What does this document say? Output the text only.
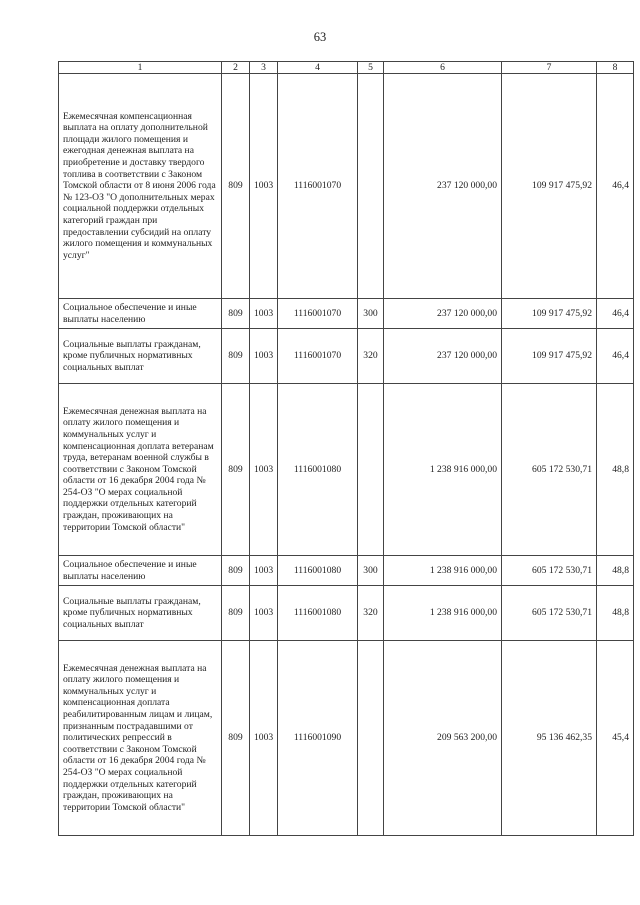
63
1	2	3	4	5	6	7	8
Ежемесячная компенсационная выплата на оплату дополнительной площади жилого помещения и ежегодная денежная выплата на приобретение и доставку твердого топлива в соответствии с Законом Томской области от 8 июня 2006 года № 123-ОЗ "О дополнительных мерах социальной поддержки отдельных категорий граждан при предоставлении субсидий на оплату жилого помещения и коммунальных услуг"	809	1003	1116001070		237 120 000,00	109 917 475,92	46,4
Социальное обеспечение и иные выплаты населению	809	1003	1116001070	300	237 120 000,00	109 917 475,92	46,4
Социальные выплаты гражданам, кроме публичных нормативных социальных выплат	809	1003	1116001070	320	237 120 000,00	109 917 475,92	46,4
Ежемесячная денежная выплата на оплату жилого помещения и коммунальных услуг и компенсационная доплата ветеранам труда, ветеранам военной службы в соответствии с Законом Томской области от 16 декабря 2004 года № 254-ОЗ "О мерах социальной поддержки отдельных категорий граждан, проживающих на территории Томской области"	809	1003	1116001080		1 238 916 000,00	605 172 530,71	48,8
Социальное обеспечение и иные выплаты населению	809	1003	1116001080	300	1 238 916 000,00	605 172 530,71	48,8
Социальные выплаты гражданам, кроме публичных нормативных социальных выплат	809	1003	1116001080	320	1 238 916 000,00	605 172 530,71	48,8
Ежемесячная денежная выплата на оплату жилого помещения и коммунальных услуг и компенсационная доплата реабилитированным лицам и лицам, признанным пострадавшими от политических репрессий в соответствии с Законом Томской области от 16 декабря 2004 года № 254-ОЗ "О мерах социальной поддержки отдельных категорий граждан, проживающих на территории Томской области"	809	1003	1116001090		209 563 200,00	95 136 462,35	45,4
